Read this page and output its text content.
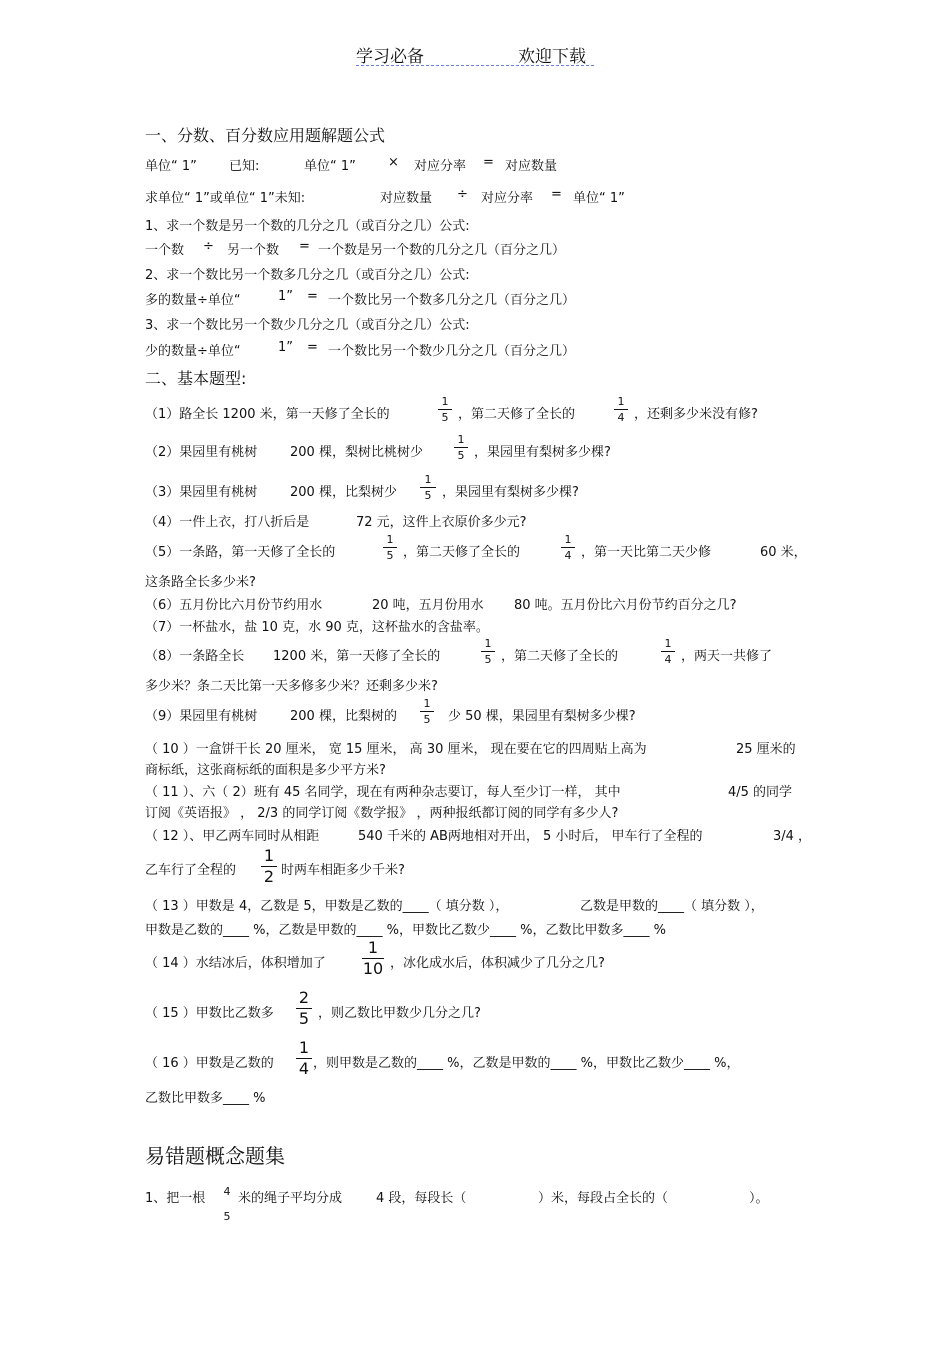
学习必备	欢迎下载
一、分数、百分数应用题解题公式
单位“ 1” 已知:	单位“ 1” × 对应分率 = 对应数量
求单位“ 1”或单位“ 1”未知:	对应数量 ÷ 对应分率 = 单位“ 1”
1、求一个数是另一个数的几分之几（或百分之几）公式:
一个数 ÷ 另一个数 = 一个数是另一个数的几分之几（百分之几）
2、求一个数比另一个数多几分之几（或百分之几）公式:
多的数量÷单位“	1” = 一个数比另一个数多几分之几（百分之几）
3、求一个数比另一个数少几分之几（或百分之几）公式:
少的数量÷单位“	1” = 一个数比另一个数少几分之几（百分之几）
二、基本题型:
（1）路全长 1200 米，第一天修了全长的
1
5 ，第二天修了全长的
1
4 ，还剩多少米没有修?
（2）果园里有桃树	200 棵，梨树比桃树少
1
5 ，果园里有梨树多少棵?
（3）果园里有桃树	200 棵，比梨树少
1
5 ，果园里有梨树多少棵?
（4）一件上衣，打八折后是	72 元，这件上衣原价多少元?
（5）一条路，第一天修了全长的
1
5 ，第二天修了全长的
1
4 ，第一天比第二天少修	60 米，
这条路全长多少米?
（6）五月份比六月份节约用水	20 吨，五月份用水 80 吨。五月份比六月份节约百分之几?
（7）一杯盐水，盐 10 克，水 90 克，这杯盐水的含盐率。
（8）一条路全长 1200 米，第一天修了全长的
1
5 ，第二天修了全长的
1
4 ，两天一共修了
多少米？条二天比第一天多修多少米？还剩多少米?
（9）果园里有桃树	200 棵，比梨树的
1
5 少 50 棵，果园里有梨树多少棵?
（ 10 ）一盒饼干长 20 厘米， 宽 15 厘米， 高 30 厘米， 现在要在它的四周贴上高为	25 厘米的
商标纸，这张商标纸的面积是多少平方米?
（ 11 ）、六（ 2）班有 45 名同学，现在有两种杂志要订，每人至少订一样， 其中	4/5 的同学
订阅《英语报》 ， 2/3 的同学订阅《数学报》 ，两种报纸都订阅的同学有多少人?
（ 12 ）、甲乙两车同时从相距	540 千米的 AB两地相对开出， 5 小时后， 甲车行了全程的	3/4 ，
乙车行了全程的
1
2 时两车相距多少千米?
（ 13 ）甲数是 4，乙数是 5，甲数是乙数的____（ 填分数 ），	乙数是甲数的____（ 填分数 ），
甲数是乙数的____ %，乙数是甲数的____ %，甲数比乙数少____ %，乙数比甲数多____ %
（ 14 ）水结冰后，体积增加了
1
10 ，冰化成水后，体积减少了几分之几?
（ 15 ）甲数比乙数多
2
5 ，则乙数比甲数少几分之几?
（ 16 ）甲数是乙数的
1
4 ，则甲数是乙数的____ %，乙数是甲数的____ %，甲数比乙数少____ %，
乙数比甲数多____ %
易错题概念题集
1、把一根 4
5
米的绳子平均分成	4 段，每段长（	）米，每段占全长的（	）。
